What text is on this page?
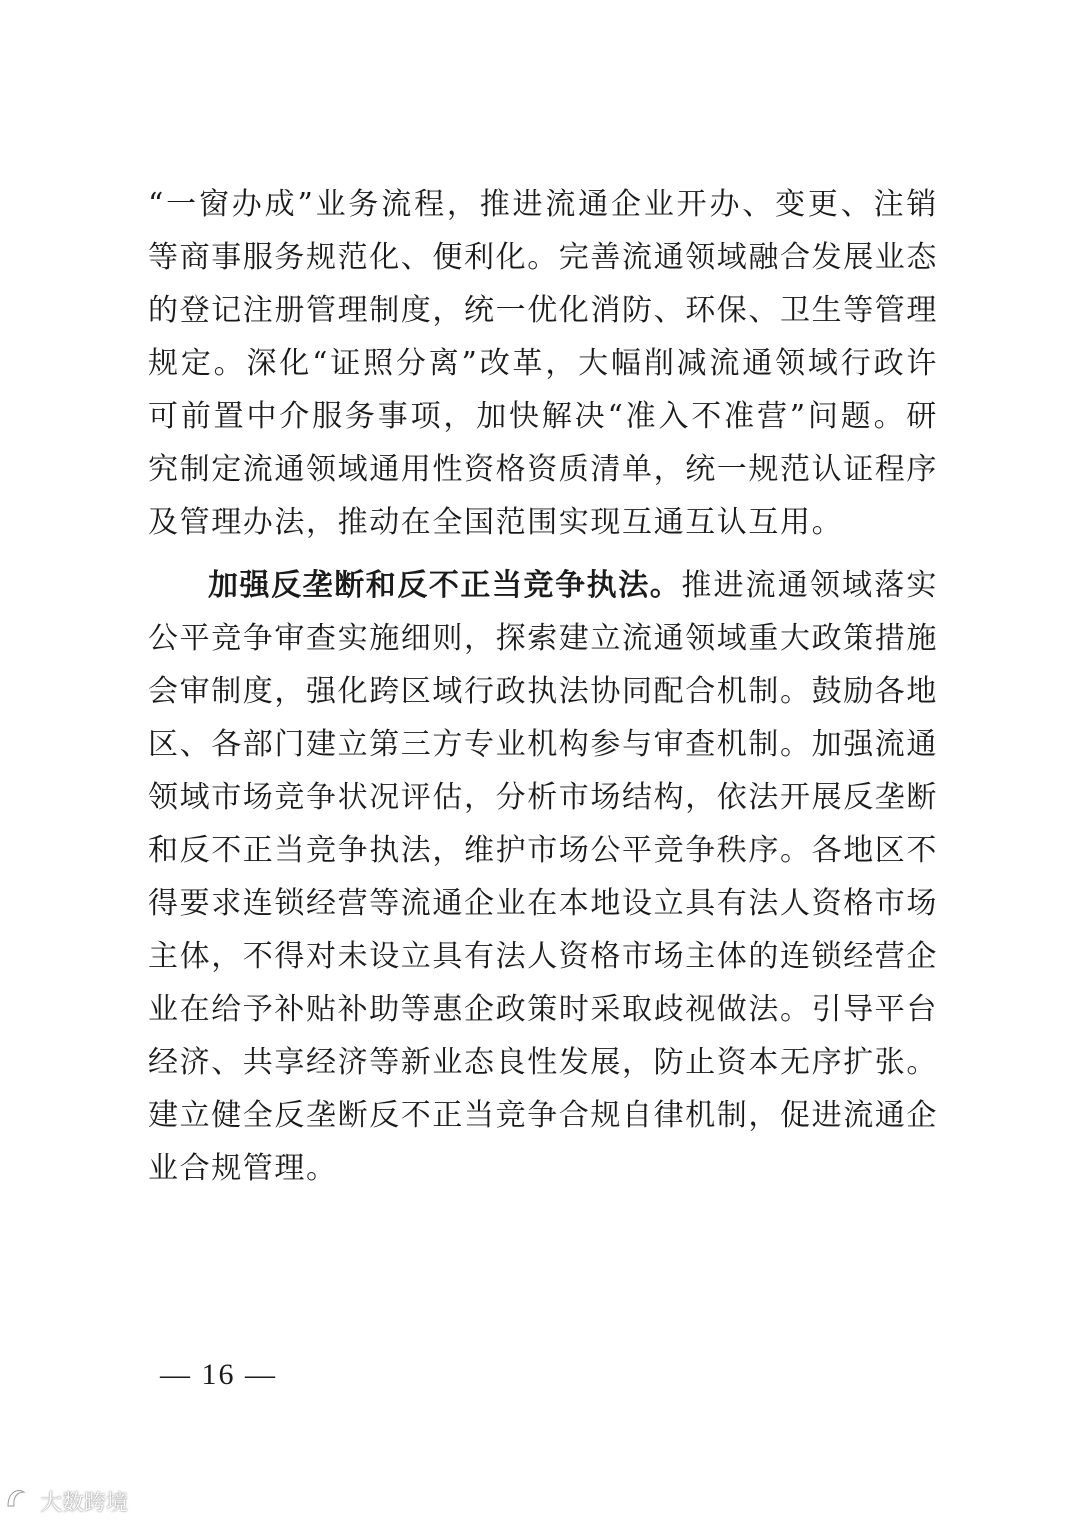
“一窗办成”业务流程，推进流通企业开办、变更、注销等商事服务规范化、便利化。完善流通领域融合发展业态的登记注册管理制度，统一优化消防、环保、卫生等管理规定。深化“证照分离”改革，大幅削减流通领域行政许可前置中介服务事项，加快解决“准入不准营”问题。研究制定流通领域通用性资格资质清单，统一规范认证程序及管理办法，推动在全国范围实现互通互认互用。

加强反垄断和反不正当竞争执法。推进流通领域落实公平竞争审查实施细则，探索建立流通领域重大政策措施会审制度，强化跨区域行政执法协同配合机制。鼓励各地区、各部门建立第三方专业机构参与审查机制。加强流通领域市场竞争状况评估，分析市场结构，依法开展反垄断和反不正当竞争执法，维护市场公平竞争秩序。各地区不得要求连锁经营等流通企业在本地设立具有法人资格市场主体，不得对未设立具有法人资格市场主体的连锁经营企业在给予补贴补助等惠企政策时采取歧视做法。引导平台经济、共享经济等新业态良性发展，防止资本无序扩张。建立健全反垄断反不正当竞争合规自律机制，促进流通企业合规管理。

— 16 —
大数跨境
